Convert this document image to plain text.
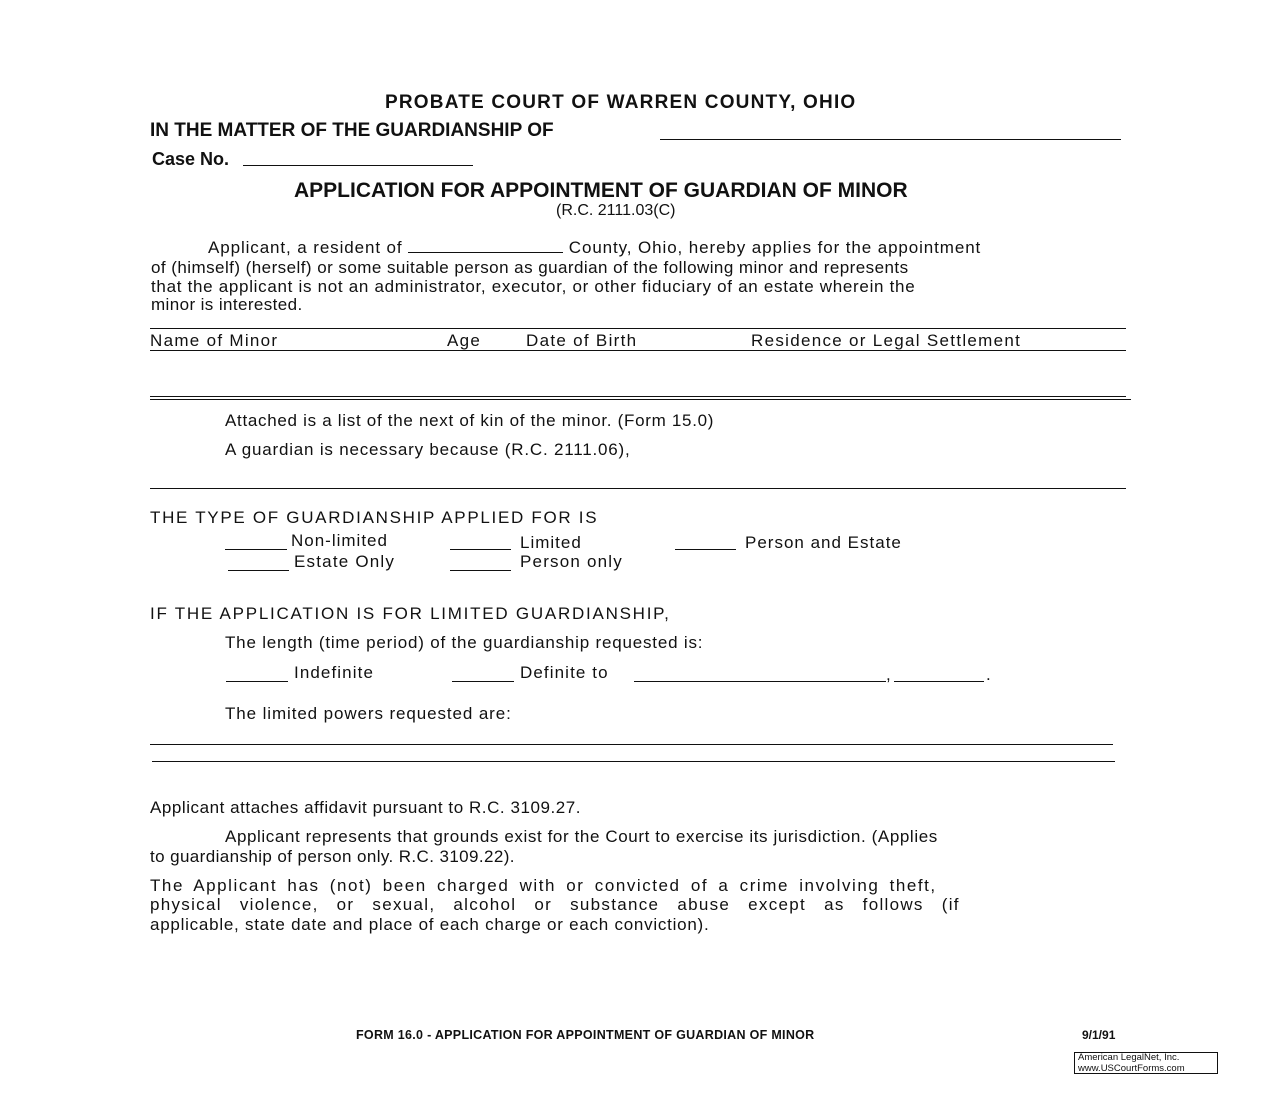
PROBATE COURT OF WARREN COUNTY, OHIO
IN THE MATTER OF THE GUARDIANSHIP OF
Case No.
APPLICATION FOR APPOINTMENT OF GUARDIAN OF MINOR
(R.C. 2111.03(C)
Applicant, a resident of	County, Ohio, hereby applies for the appointment
of (himself) (herself) or some suitable person as guardian of the following minor and represents
that the applicant is not an administrator, executor, or other fiduciary of an estate wherein the
minor is interested.
Name of Minor	Age	Date of Birth	Residence or Legal Settlement
Attached is a list of the next of kin of the minor. (Form 15.0)
A guardian is necessary because (R.C. 2111.06),
THE TYPE OF GUARDIANSHIP APPLIED FOR IS
Non-limited	Limited	Person and Estate
Estate Only	Person only
IF THE APPLICATION IS FOR LIMITED GUARDIANSHIP,
The length (time period) of the guardianship requested is:
Indefinite	Definite to	,	.
The limited powers requested are:
Applicant attaches affidavit pursuant to R.C. 3109.27.
Applicant represents that grounds exist for the Court to exercise its jurisdiction. (Applies
to guardianship of person only. R.C. 3109.22).
The Applicant has (not) been charged with or convicted of a crime involving theft,
physical violence, or sexual, alcohol or substance abuse except as follows (if
applicable, state date and place of each charge or each conviction).
FORM 16.0 - APPLICATION FOR APPOINTMENT OF GUARDIAN OF MINOR	9/1/91
American LegalNet, Inc.
www.USCourtForms.com
